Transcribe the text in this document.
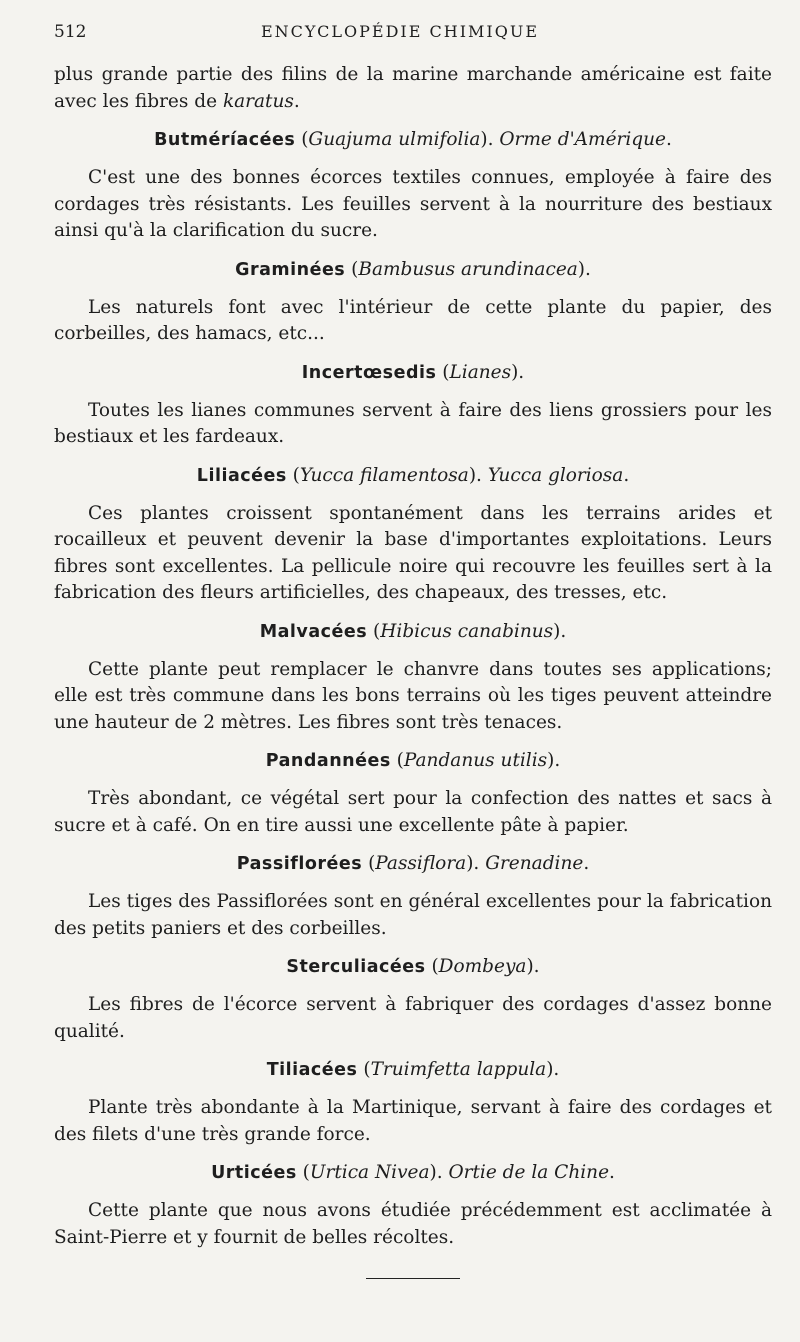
512	ENCYCLOPÉDIE CHIMIQUE

plus grande partie des filins de la marine marchande américaine est faite avec les fibres de karatus.

Butméríacées (Guajuma ulmifolia). Orme d'Amérique.

C'est une des bonnes écorces textiles connues, employée à faire des cordages très résistants. Les feuilles servent à la nourriture des bestiaux ainsi qu'à la clarification du sucre.

Graminées (Bambusus arundinacea).

Les naturels font avec l'intérieur de cette plante du papier, des corbeilles, des hamacs, etc...

Incertœsedis (Lianes).

Toutes les lianes communes servent à faire des liens grossiers pour les bestiaux et les fardeaux.

Liliacées (Yucca filamentosa). Yucca gloriosa.

Ces plantes croissent spontanément dans les terrains arides et rocailleux et peuvent devenir la base d'importantes exploitations. Leurs fibres sont excellentes. La pellicule noire qui recouvre les feuilles sert à la fabrication des fleurs artificielles, des chapeaux, des tresses, etc.

Malvacées (Hibicus canabinus).

Cette plante peut remplacer le chanvre dans toutes ses applications; elle est très commune dans les bons terrains où les tiges peuvent atteindre une hauteur de 2 mètres. Les fibres sont très tenaces.

Pandannées (Pandanus utilis).

Très abondant, ce végétal sert pour la confection des nattes et sacs à sucre et à café. On en tire aussi une excellente pâte à papier.

Passiflorées (Passiflora). Grenadine.

Les tiges des Passiflorées sont en général excellentes pour la fabrication des petits paniers et des corbeilles.

Sterculiacées (Dombeya).

Les fibres de l'écorce servent à fabriquer des cordages d'assez bonne qualité.

Tiliacées (Truimfetta lappula).

Plante très abondante à la Martinique, servant à faire des cordages et des filets d'une très grande force.

Urticées (Urtica Nivea). Ortie de la Chine.

Cette plante que nous avons étudiée précédemment est acclimatée à Saint-Pierre et y fournit de belles récoltes.
